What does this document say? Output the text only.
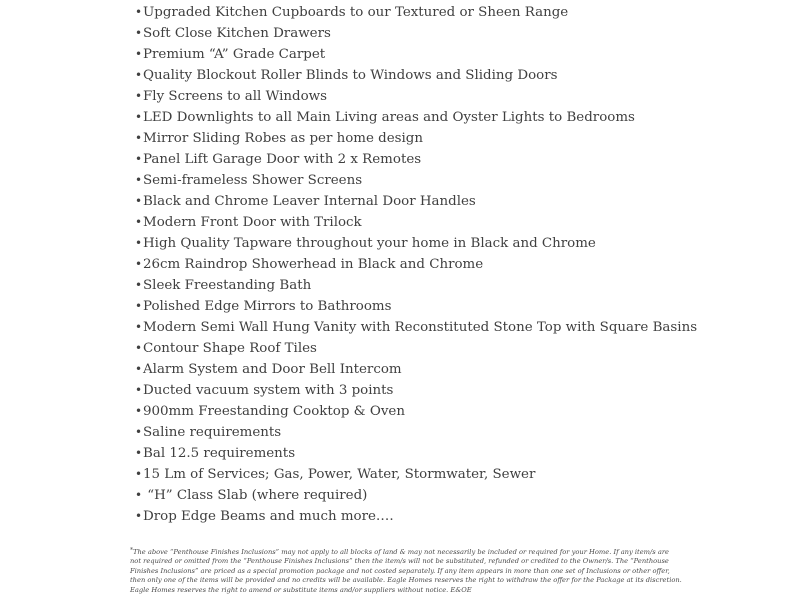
•Upgraded Kitchen Cupboards to our Textured or Sheen Range
•Soft Close Kitchen Drawers
•Premium “A” Grade Carpet
•Quality Blockout Roller Blinds to Windows and Sliding Doors
•Fly Screens to all Windows
•LED Downlights to all Main Living areas and Oyster Lights to Bedrooms
•Mirror Sliding Robes as per home design
•Panel Lift Garage Door with 2 x Remotes
•Semi-frameless Shower Screens
•Black and Chrome Leaver Internal Door Handles
•Modern Front Door with Trilock
•High Quality Tapware throughout your home in Black and Chrome
•26cm Raindrop Showerhead in Black and Chrome
•Sleek Freestanding Bath
•Polished Edge Mirrors to Bathrooms
•Modern Semi Wall Hung Vanity with Reconstituted Stone Top with Square Basins
•Contour Shape Roof Tiles
•Alarm System and Door Bell Intercom
•Ducted vacuum system with 3 points
•900mm Freestanding Cooktop & Oven
•Saline requirements
•Bal 12.5 requirements
•15 Lm of Services; Gas, Power, Water, Stormwater, Sewer
• “H” Class Slab (where required)
•Drop Edge Beams and much more….

*The above “Penthouse Finishes Inclusions” may not apply to all blocks of land & may not necessarily be included or required for your Home. If any item/s are not required or omitted from the “Penthouse Finishes Inclusions” then the item/s will not be substituted, refunded or credited to the Owner/s. The “Penthouse Finishes Inclusions” are priced as a special promotion package and not costed separately. If any item appears in more than one set of Inclusions or other offer, then only one of the items will be provided and no credits will be available. Eagle Homes reserves the right to withdraw the offer for the Package at its discretion. Eagle Homes reserves the right to amend or substitute items and/or suppliers without notice. E&OE
